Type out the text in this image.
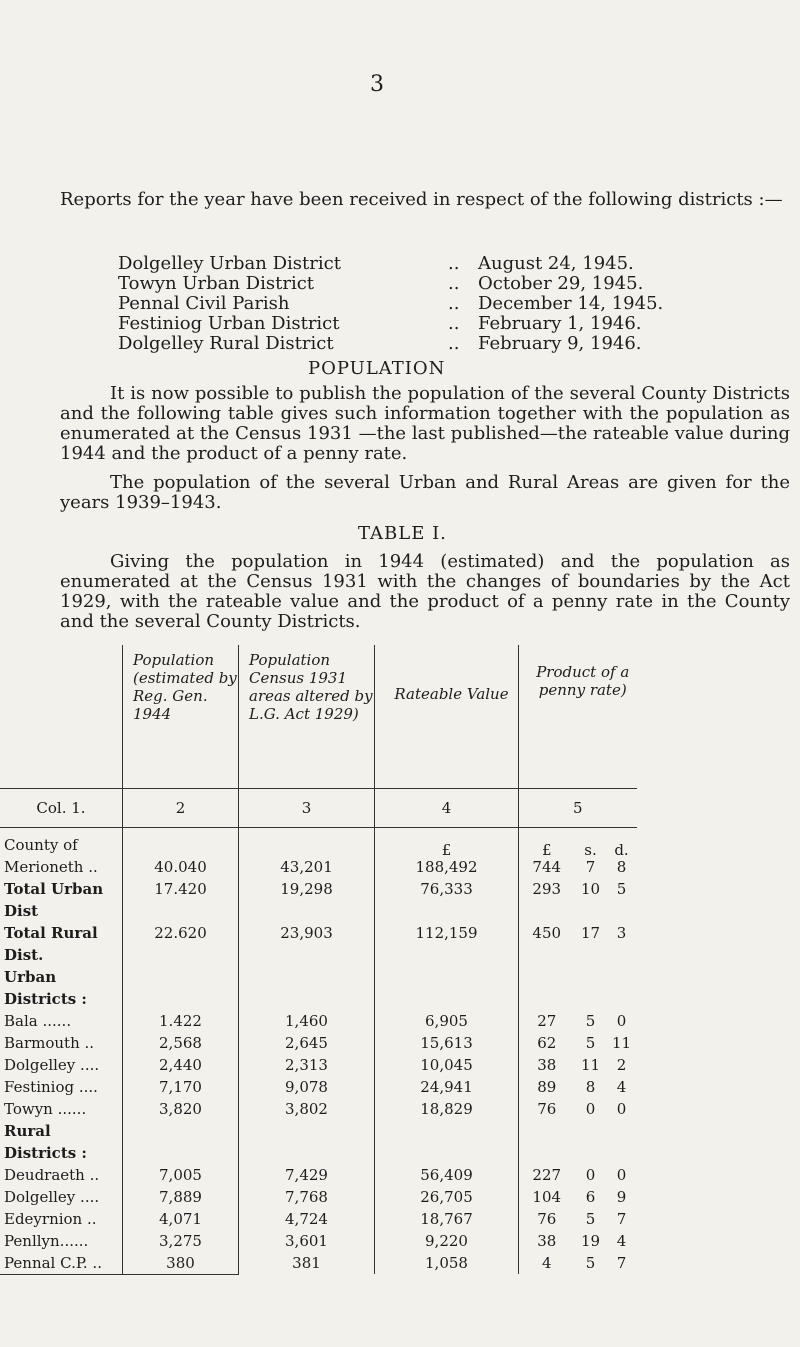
3
Reports for the year have been received in respect of the following districts :—
Dolgelley Urban District	..	August 24, 1945.
Towyn Urban District	..	October 29, 1945.
Pennal Civil Parish	..	December 14, 1945.
Festiniog Urban District	..	February 1, 1946.
Dolgelley Rural District	..	February 9, 1946.
POPULATION
It is now possible to publish the population of the several County Districts and the following table gives such information together with the population as enumerated at the Census 1931 —the last published—the rateable value during 1944 and the product of a penny rate.
The population of the several Urban and Rural Areas are given for the years 1939–1943.
TABLE I.
Giving the population in 1944 (estimated) and the population as enumerated at the Census 1931 with the changes of boundaries by the Act 1929, with the rateable value and the product of a penny rate in the County and the several County Districts.
	Population (estimated by Reg. Gen. 1944	Population Census 1931 areas altered by L.G. Act 1929)	Rateable Value	Product of a penny rate)		
Col. 1.	2	3	4	5		
County of			£	£	s.	d.
Merioneth ..	40.040	43,201	188,492	744	7	8
Total Urban Dist	17.420	19,298	76,333	293	10	5
Total Rural Dist.	22.620	23,903	112,159	450	17	3
Urban Districts :						
Bala ......	1.422	1,460	6,905	27	5	0
Barmouth ..	2,568	2,645	15,613	62	5	11
Dolgelley ....	2,440	2,313	10,045	38	11	2
Festiniog ....	7,170	9,078	24,941	89	8	4
Towyn ......	3,820	3,802	18,829	76	0	0
Rural Districts :						
Deudraeth ..	7,005	7,429	56,409	227	0	0
Dolgelley ....	7,889	7,768	26,705	104	6	9
Edeyrnion ..	4,071	4,724	18,767	76	5	7
Penllyn......	3,275	3,601	9,220	38	19	4
Pennal C.P. ..	380	381	1,058	4	5	7
